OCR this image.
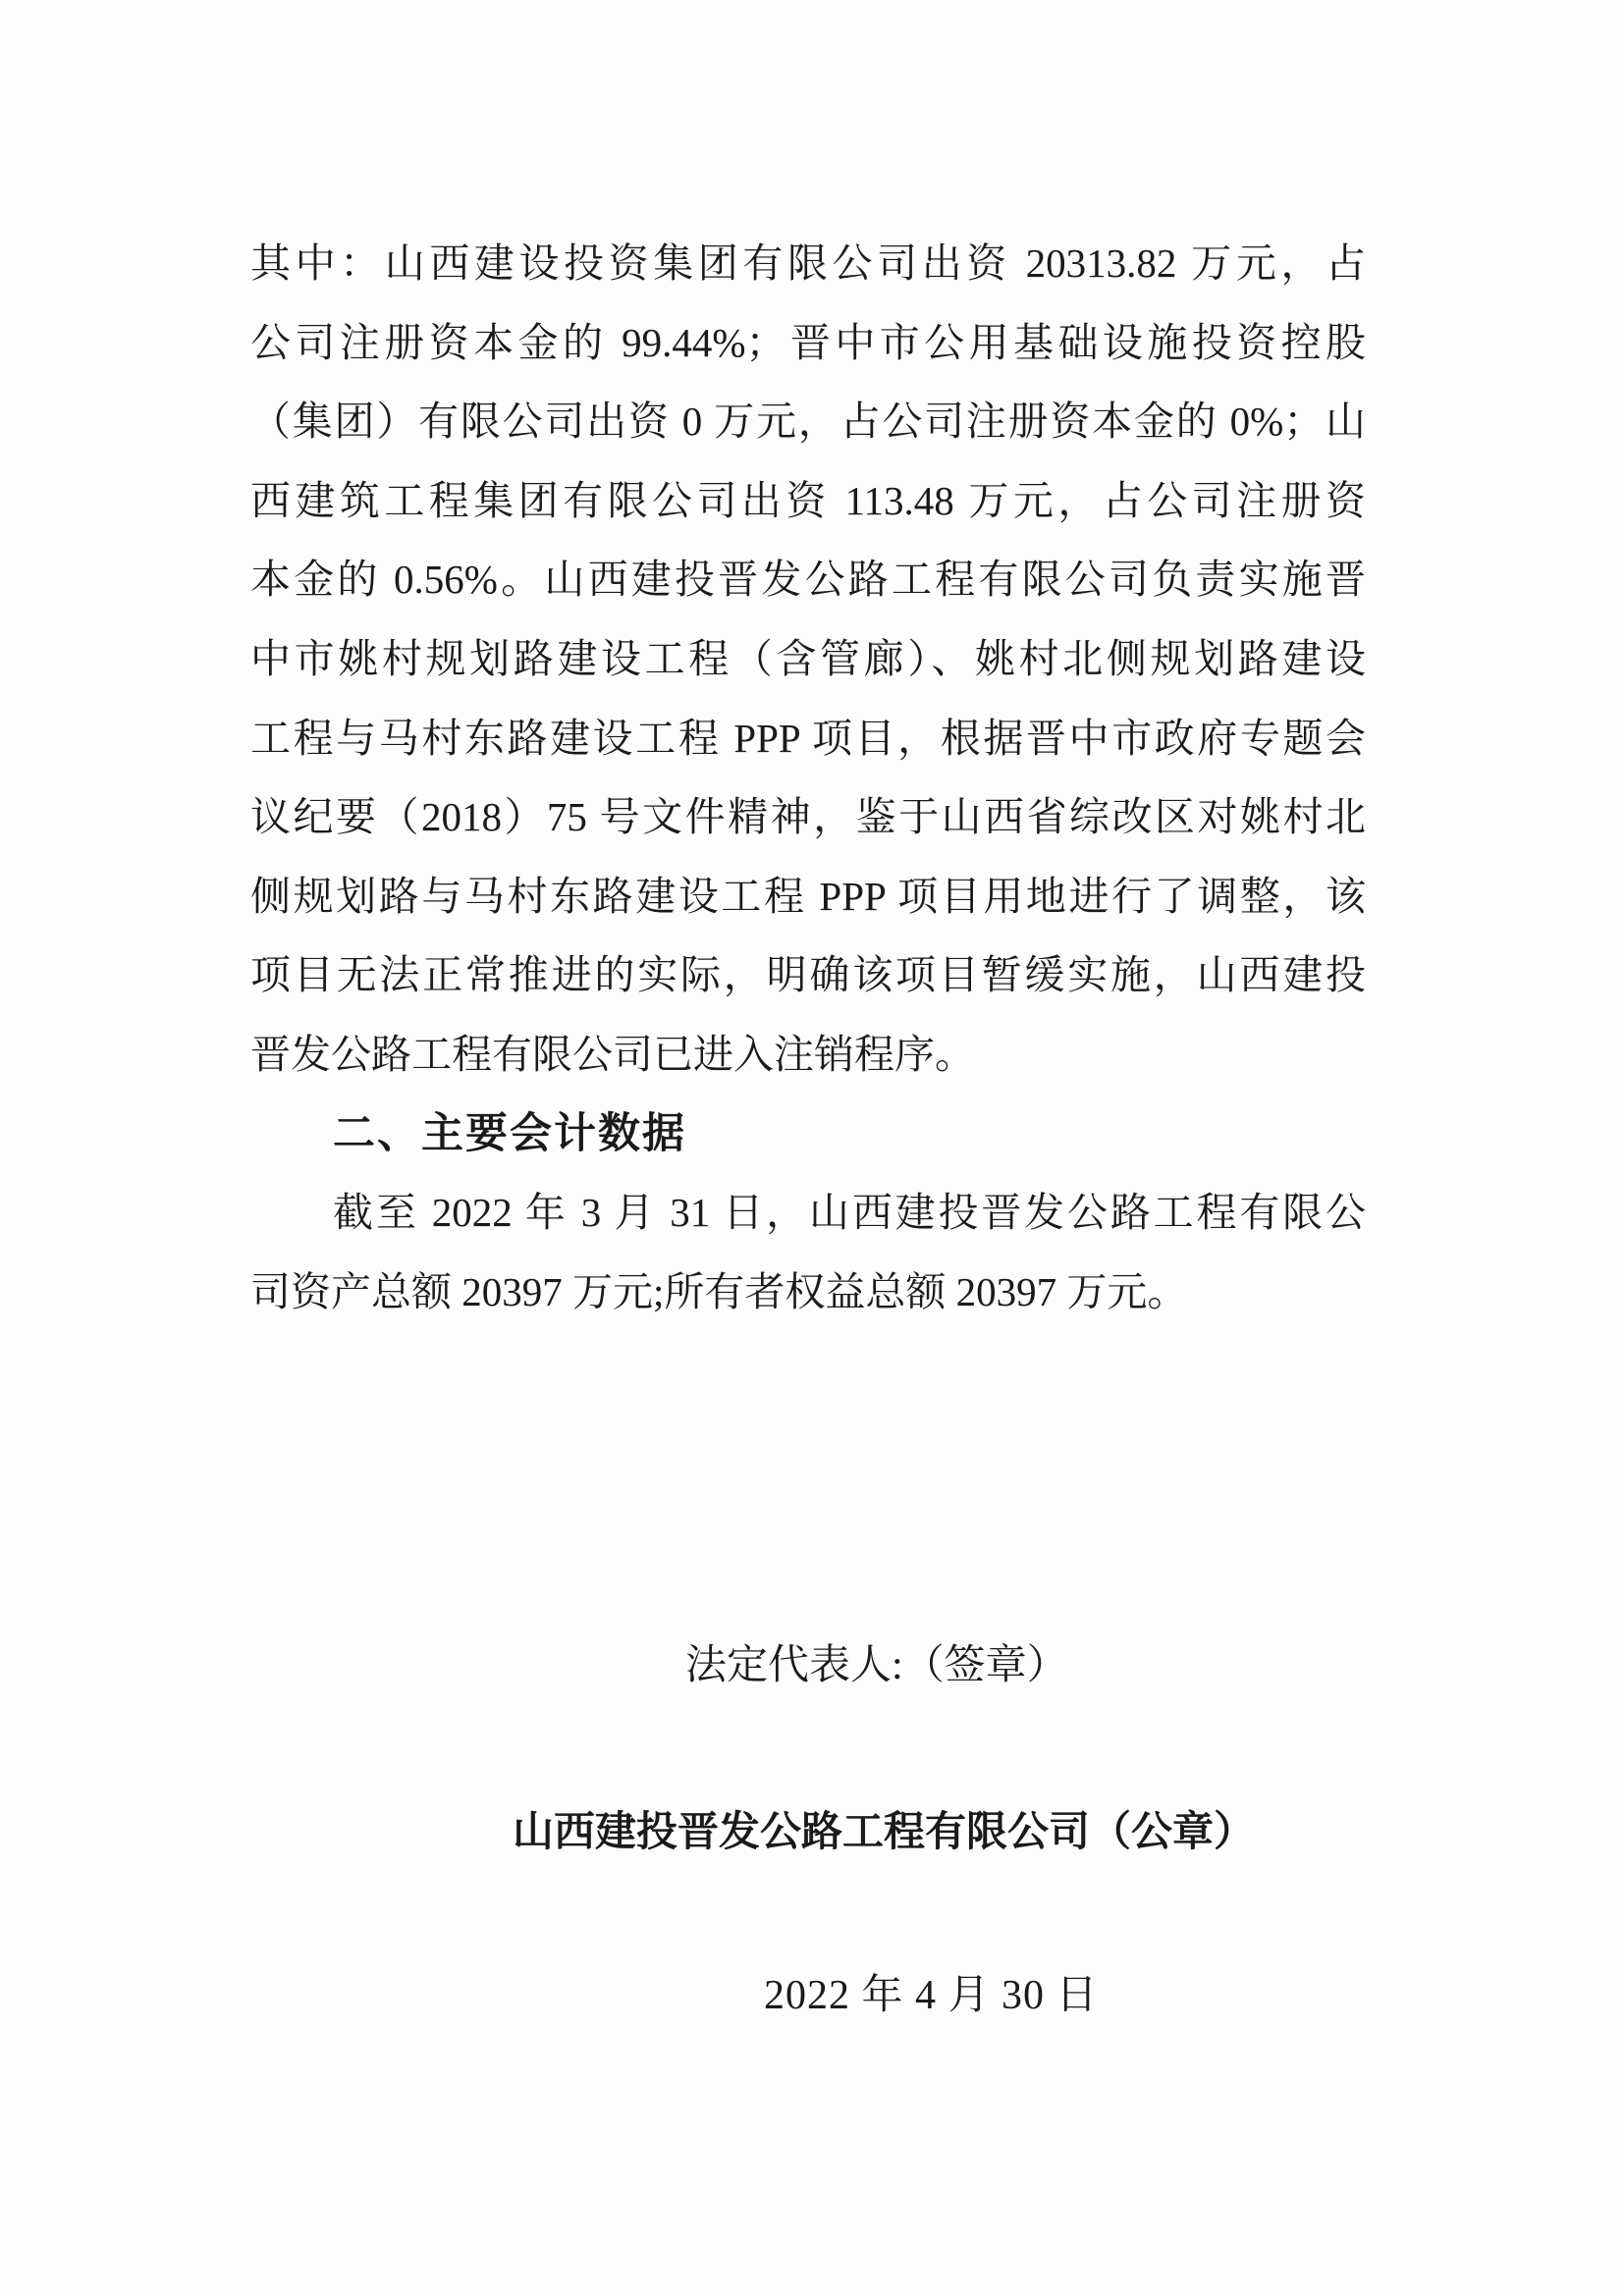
其中：山西建设投资集团有限公司出资 20313.82 万元，占
公司注册资本金的 99.44%；晋中市公用基础设施投资控股
（集团）有限公司出资 0 万元，占公司注册资本金的 0%；山
西建筑工程集团有限公司出资 113.48 万元，占公司注册资
本金的 0.56%。山西建投晋发公路工程有限公司负责实施晋
中市姚村规划路建设工程（含管廊）、姚村北侧规划路建设
工程与马村东路建设工程 PPP 项目，根据晋中市政府专题会
议纪要（2018）75 号文件精神，鉴于山西省综改区对姚村北
侧规划路与马村东路建设工程 PPP 项目用地进行了调整，该
项目无法正常推进的实际，明确该项目暂缓实施，山西建投
晋发公路工程有限公司已进入注销程序。
二、主要会计数据
截至 2022 年 3 月 31 日，山西建投晋发公路工程有限公
司资产总额 20397 万元;所有者权益总额 20397 万元。
法定代表人:（签章）
山西建投晋发公路工程有限公司（公章）
2022 年 4 月 30 日
